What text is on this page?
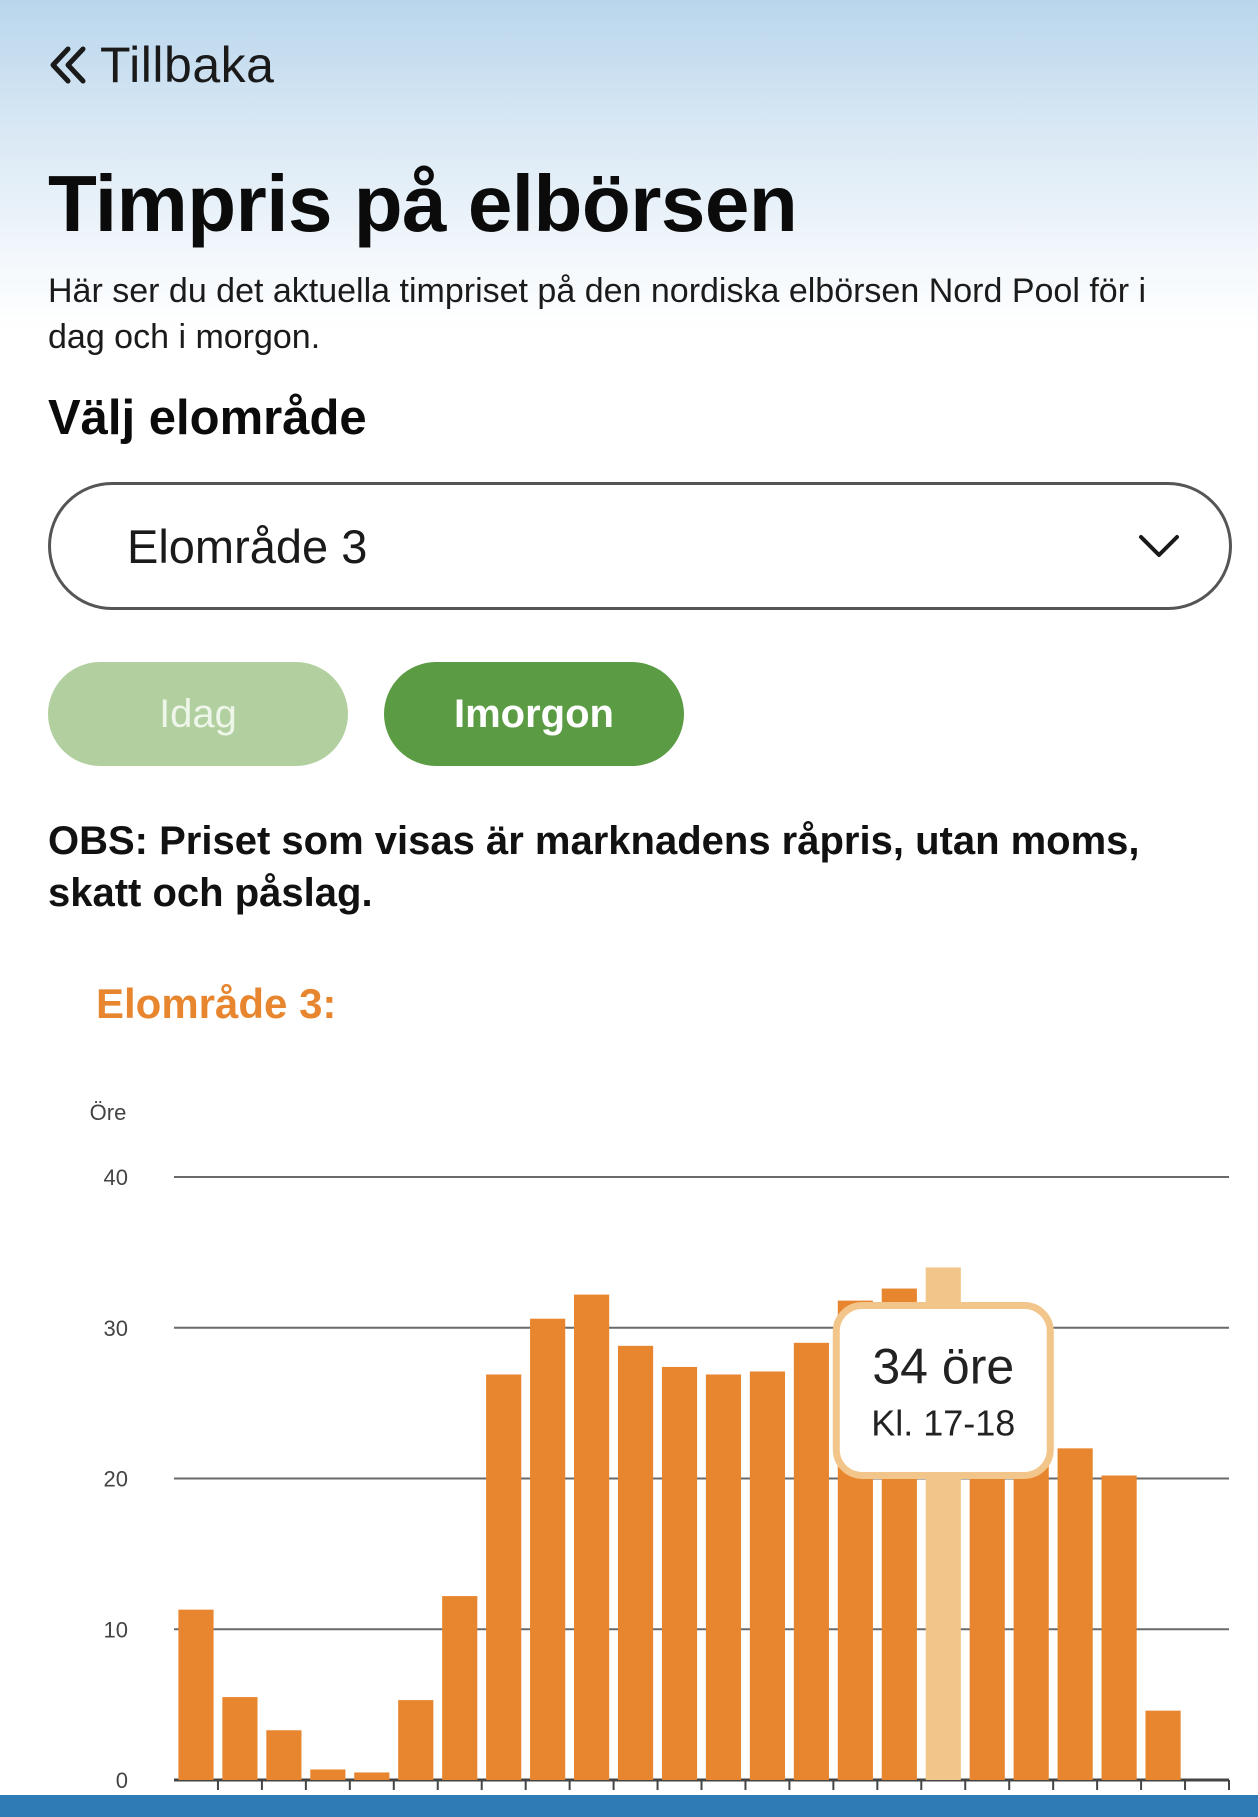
Tillbaka
Timpris på elbörsen

Här ser du det aktuella timpriset på den nordiska elbörsen Nord Pool för i dag och i morgon.

Välj elområde
Elområde 3
Idag	Imorgon

OBS: Priset som visas är marknadens råpris, utan moms, skatt och påslag.

Elområde 3:
Öre
0
10
20
30
40
34 öre
Kl. 17-18
